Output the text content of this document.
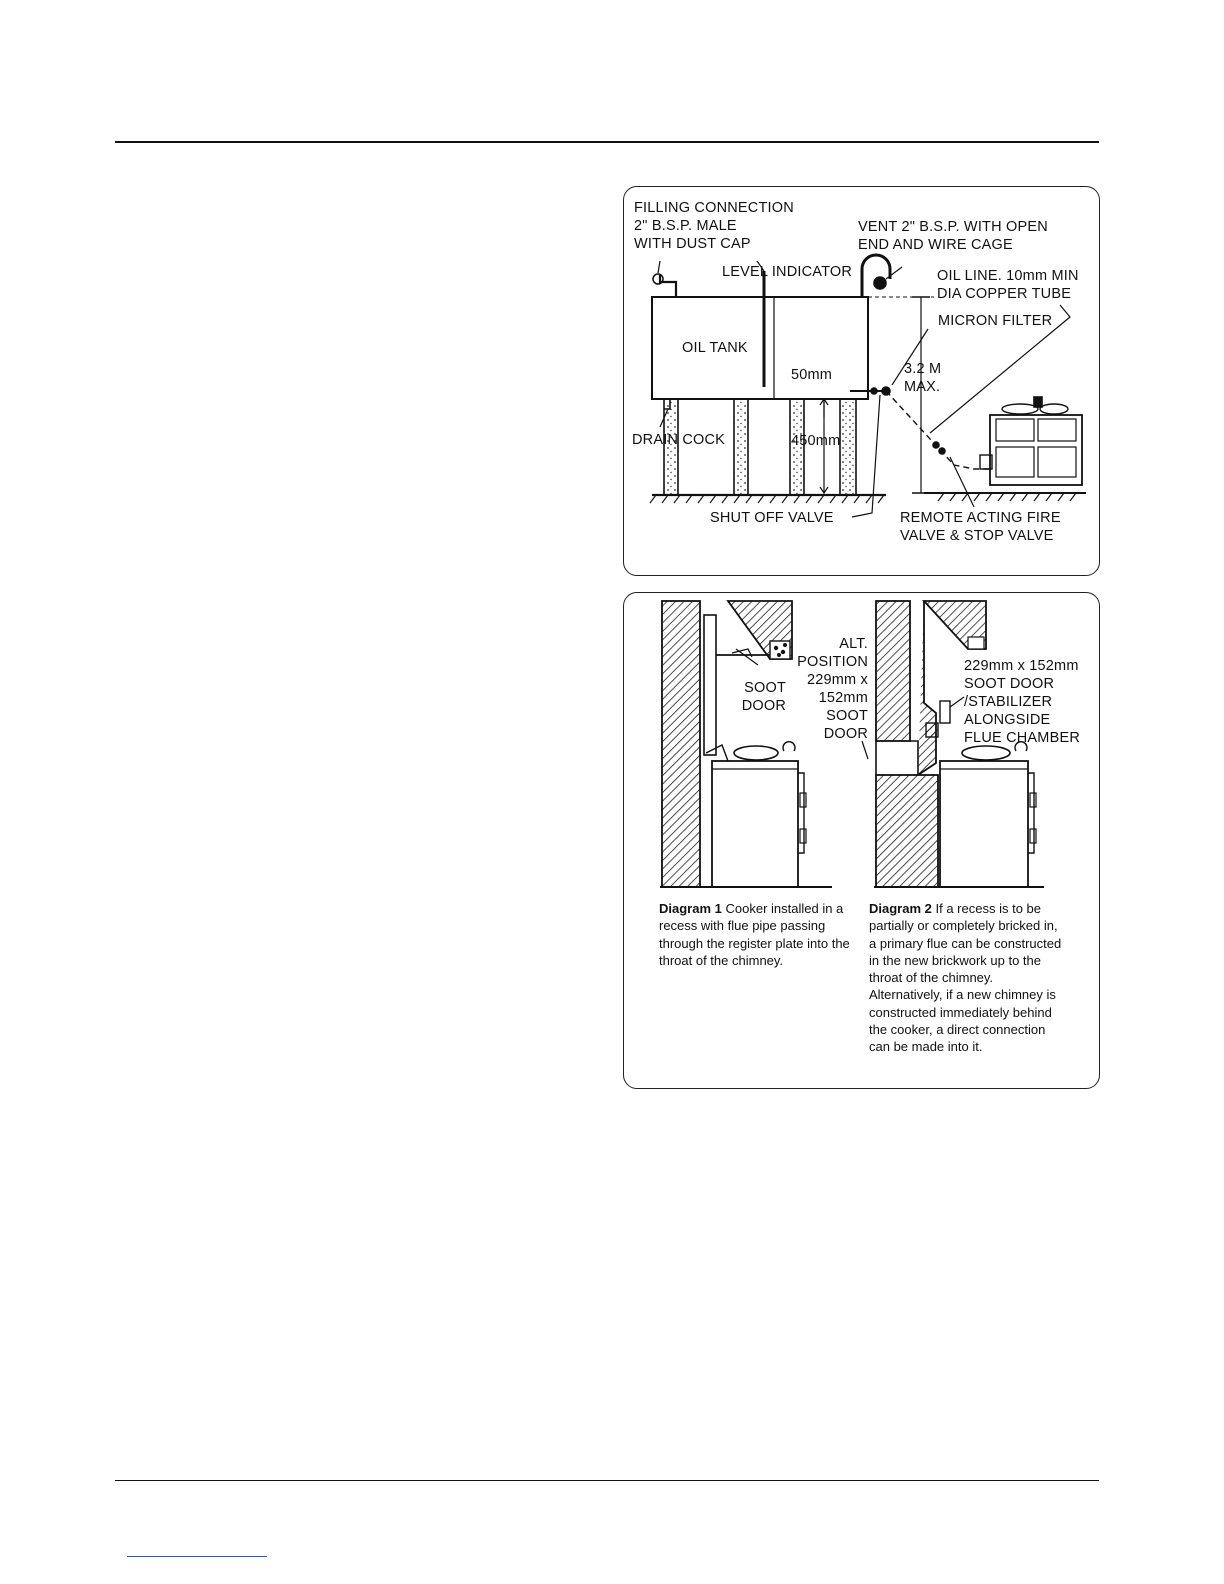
FILLING CONNECTION
2" B.S.P. MALE
WITH DUST CAP
VENT 2" B.S.P. WITH OPEN
END AND WIRE CAGE
LEVEL INDICATOR	OIL LINE. 10mm MIN
DIA COPPER TUBE
MICRON FILTER
OIL TANK
50mm	3.2 M
MAX.
DRAIN COCK	450mm
SHUT OFF VALVE	REMOTE ACTING FIRE
VALVE & STOP VALVE
SOOT
DOOR
ALT.
POSITION
229mm x
152mm
SOOT
DOOR
229mm x 152mm
SOOT DOOR
/STABILIZER
ALONGSIDE
FLUE CHAMBER
Diagram 1 Cooker installed in a recess with flue pipe passing through the register plate into the throat of the chimney.
Diagram 2 If a recess is to be partially or completely bricked in, a primary flue can be constructed in the new brickwork up to the throat of the chimney. Alternatively, if a new chimney is constructed immediately behind the cooker, a direct connection can be made into it.
